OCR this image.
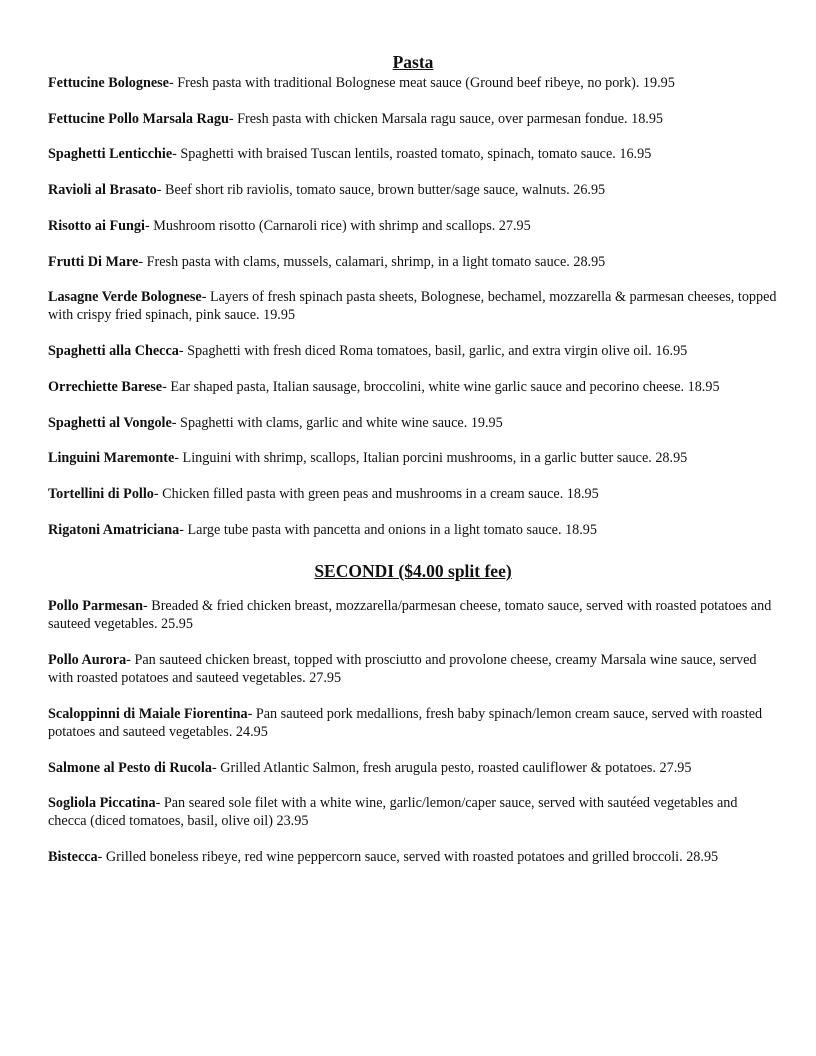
Pasta

Fettucine Bolognese- Fresh pasta with traditional Bolognese meat sauce (Ground beef ribeye, no pork). 19.95

Fettucine Pollo Marsala Ragu- Fresh pasta with chicken Marsala ragu sauce, over parmesan fondue. 18.95

Spaghetti Lenticchie- Spaghetti with braised Tuscan lentils, roasted tomato, spinach, tomato sauce. 16.95

Ravioli al Brasato- Beef short rib raviolis, tomato sauce, brown butter/sage sauce, walnuts. 26.95

Risotto ai Fungi- Mushroom risotto (Carnaroli rice) with shrimp and scallops. 27.95

Frutti Di Mare- Fresh pasta with clams, mussels, calamari, shrimp, in a light tomato sauce. 28.95

Lasagne Verde Bolognese- Layers of fresh spinach pasta sheets, Bolognese, bechamel, mozzarella & parmesan cheeses, topped with crispy fried spinach, pink sauce. 19.95

Spaghetti alla Checca- Spaghetti with fresh diced Roma tomatoes, basil, garlic, and extra virgin olive oil. 16.95

Orrechiette Barese- Ear shaped pasta, Italian sausage, broccolini, white wine garlic sauce and pecorino cheese. 18.95

Spaghetti al Vongole- Spaghetti with clams, garlic and white wine sauce. 19.95

Linguini Maremonte- Linguini with shrimp, scallops, Italian porcini mushrooms, in a garlic butter sauce. 28.95

Tortellini di Pollo- Chicken filled pasta with green peas and mushrooms in a cream sauce. 18.95

Rigatoni Amatriciana- Large tube pasta with pancetta and onions in a light tomato sauce. 18.95

SECONDI ($4.00 split fee)

Pollo Parmesan- Breaded & fried chicken breast, mozzarella/parmesan cheese, tomato sauce, served with roasted potatoes and sauteed vegetables. 25.95

Pollo Aurora- Pan sauteed chicken breast, topped with prosciutto and provolone cheese, creamy Marsala wine sauce, served with roasted potatoes and sauteed vegetables. 27.95

Scaloppinni di Maiale Fiorentina- Pan sauteed pork medallions, fresh baby spinach/lemon cream sauce, served with roasted potatoes and sauteed vegetables. 24.95

Salmone al Pesto di Rucola- Grilled Atlantic Salmon, fresh arugula pesto, roasted cauliflower & potatoes. 27.95

Sogliola Piccatina- Pan seared sole filet with a white wine, garlic/lemon/caper sauce, served with sautéed vegetables and checca (diced tomatoes, basil, olive oil) 23.95

Bistecca- Grilled boneless ribeye, red wine peppercorn sauce, served with roasted potatoes and grilled broccoli. 28.95
